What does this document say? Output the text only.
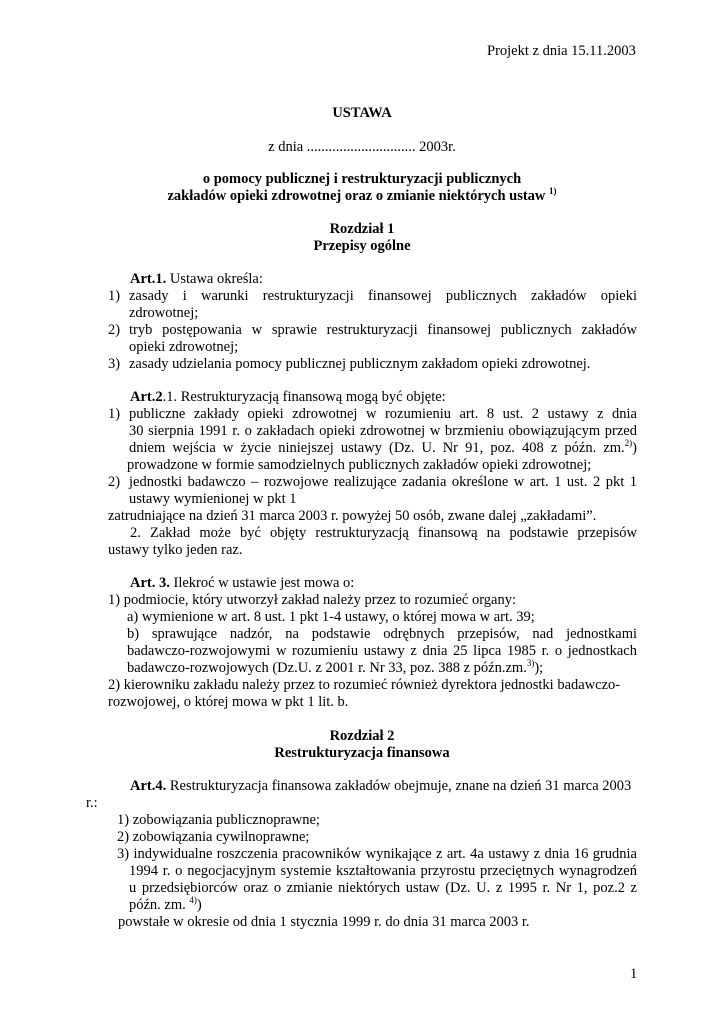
Projekt z dnia 15.11.2003
USTAWA
z dnia .............................. 2003r.
o pomocy publicznej i restrukturyzacji publicznych
zakładów opieki zdrowotnej oraz o zmianie niektórych ustaw $^{1)}$
Rozdział 1
Przepisy ogólne
Art.1. Ustawa określa:
1) zasady i warunki restrukturyzacji finansowej publicznych zakładów opieki
zdrowotnej;
2) tryb postępowania w sprawie restrukturyzacji finansowej publicznych zakładów
opieki zdrowotnej;
3) zasady udzielania pomocy publicznej publicznym zakładom opieki zdrowotnej.
Art.2.1. Restrukturyzacją finansową mogą być objęte:
1) publiczne zakłady opieki zdrowotnej w rozumieniu art. 8 ust. 2 ustawy z dnia
30 sierpnia 1991 r. o zakładach opieki zdrowotnej w brzmieniu obowiązującym przed
dniem wejścia w życie niniejszej ustawy (Dz. U. Nr 91, poz. 408 z późn. zm.$^{2)}$)
prowadzone w formie samodzielnych publicznych zakładów opieki zdrowotnej;
2) jednostki badawczo – rozwojowe realizujące zadania określone w art. 1 ust. 2 pkt 1
ustawy wymienionej w pkt 1
zatrudniające na dzień 31 marca 2003 r. powyżej 50 osób, zwane dalej „zakładami”.
2. Zakład może być objęty restrukturyzacją finansową na podstawie przepisów
ustawy tylko jeden raz.
Art. 3. Ilekroć w ustawie jest mowa o:
1) podmiocie, który utworzył zakład należy przez to rozumieć organy:
a) wymienione w art. 8 ust. 1 pkt 1-4 ustawy, o której mowa w art. 39;
b) sprawujące nadzór, na podstawie odrębnych przepisów, nad jednostkami
badawczo-rozwojowymi w rozumieniu ustawy z dnia 25 lipca 1985 r. o jednostkach
badawczo-rozwojowych (Dz.U. z 2001 r. Nr 33, poz. 388 z późn.zm.$^{3)}$);
2) kierowniku zakładu należy przez to rozumieć również dyrektora jednostki badawczo-
rozwojowej, o której mowa w pkt 1 lit. b.
Rozdział 2
Restrukturyzacja finansowa
Art.4. Restrukturyzacja finansowa zakładów obejmuje, znane na dzień 31 marca 2003
r.:
1) zobowiązania publicznoprawne;
2) zobowiązania cywilnoprawne;
3) indywidualne roszczenia pracowników wynikające z art. 4a ustawy z dnia 16 grudnia
1994 r. o negocjacyjnym systemie kształtowania przyrostu przeciętnych wynagrodzeń
u przedsiębiorców oraz o zmianie niektórych ustaw (Dz. U. z 1995 r. Nr 1, poz.2 z
późn. zm. $^{4)}$)
powstałe w okresie od dnia 1 stycznia 1999 r. do dnia 31 marca 2003 r.
1
